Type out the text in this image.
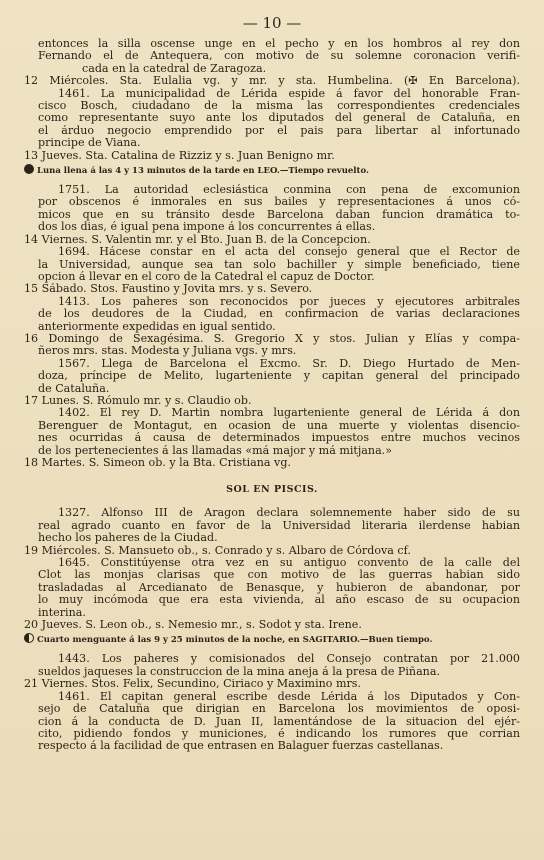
— 10 —
entonces la silla oscense unge en el pecho y en los hombros al rey don
Fernando el de Antequera, con motivo de su solemne coronacion verifi-
cada en la catedral de Zaragoza.
12 Miércoles. Sta. Eulalia vg. y mr. y sta. Humbelina. (✠ En Barcelona).
1461. La municipalidad de Lérida espide á favor del honorable Fran-
cisco Bosch, ciudadano de la misma las correspondientes credenciales
como representante suyo ante los diputados del general de Cataluña, en
el árduo negocio emprendido por el pais para libertar al infortunado
principe de Viana.
13 Jueves. Sta. Catalina de Rizziz y s. Juan Benigno mr.
Luna llena á las 4 y 13 minutos de la tarde en LEO.—Tiempo revuelto.
1751. La autoridad eclesiástica conmina con pena de excomunion
por obscenos é inmorales en sus bailes y representaciones á unos có-
micos que en su tránsito desde Barcelona daban funcion dramática to-
dos los dias, é igual pena impone á los concurrentes á ellas.
14 Viernes. S. Valentin mr. y el Bto. Juan B. de la Concepcion.
1694. Hácese constar en el acta del consejo general que el Rector de
la Universidad, aunque sea tan solo bachiller y simple beneficiado, tiene
opcion á llevar en el coro de la Catedral el capuz de Doctor.
15 Sábado. Stos. Faustino y Jovita mrs. y s. Severo.
1413. Los paheres son reconocidos por jueces y ejecutores arbitrales
de los deudores de la Ciudad, en confirmacion de varias declaraciones
anteriormente expedidas en igual sentido.
16 Domingo de Sexagésima. S. Gregorio X y stos. Julian y Elías y compa-
ñeros mrs. stas. Modesta y Juliana vgs. y mrs.
1567. Llega de Barcelona el Excmo. Sr. D. Diego Hurtado de Men-
doza, príncipe de Melito, lugarteniente y capitan general del principado
de Cataluña.
17 Lunes. S. Rómulo mr. y s. Claudio ob.
1402. El rey D. Martin nombra lugarteniente general de Lérida á don
Berenguer de Montagut, en ocasion de una muerte y violentas disencio-
nes ocurridas á causa de determinados impuestos entre muchos vecinos
de los pertenecientes á las llamadas «má major y má mitjana.»
18 Martes. S. Simeon ob. y la Bta. Cristiana vg.
SOL EN PISCIS.
1327. Alfonso III de Aragon declara solemnemente haber sido de su
real agrado cuanto en favor de la Universidad literaria ilerdense habian
hecho los paheres de la Ciudad.
19 Miércoles. S. Mansueto ob., s. Conrado y s. Álbaro de Córdova cf.
1645. Constitúyense otra vez en su antiguo convento de la calle del
Clot las monjas clarisas que con motivo de las guerras habian sido
trasladadas al Arcedianato de Benasque, y hubieron de abandonar, por
lo muy incómoda que era esta vivienda, al año escaso de su ocupacion
interina.
20 Jueves. S. Leon ob., s. Nemesio mr., s. Sodot y sta. Irene.
Cuarto menguante á las 9 y 25 minutos de la noche, en SAGITARIO.—Buen tiempo.
1443. Los paheres y comisionados del Consejo contratan por 21.000
sueldos jaqueses la construccion de la mina aneja á la presa de Piñana.
21 Viernes. Stos. Felix, Secundino, Ciriaco y Maximino mrs.
1461. El capitan general escribe desde Lérida á los Diputados y Con-
sejo de Cataluña que dirigian en Barcelona los movimientos de oposi-
cion á la conducta de D. Juan II, lamentándose de la situacion del ejér-
cito, pidiendo fondos y municiones, é indicando los rumores que corrian
respecto á la facilidad de que entrasen en Balaguer fuerzas castellanas.
